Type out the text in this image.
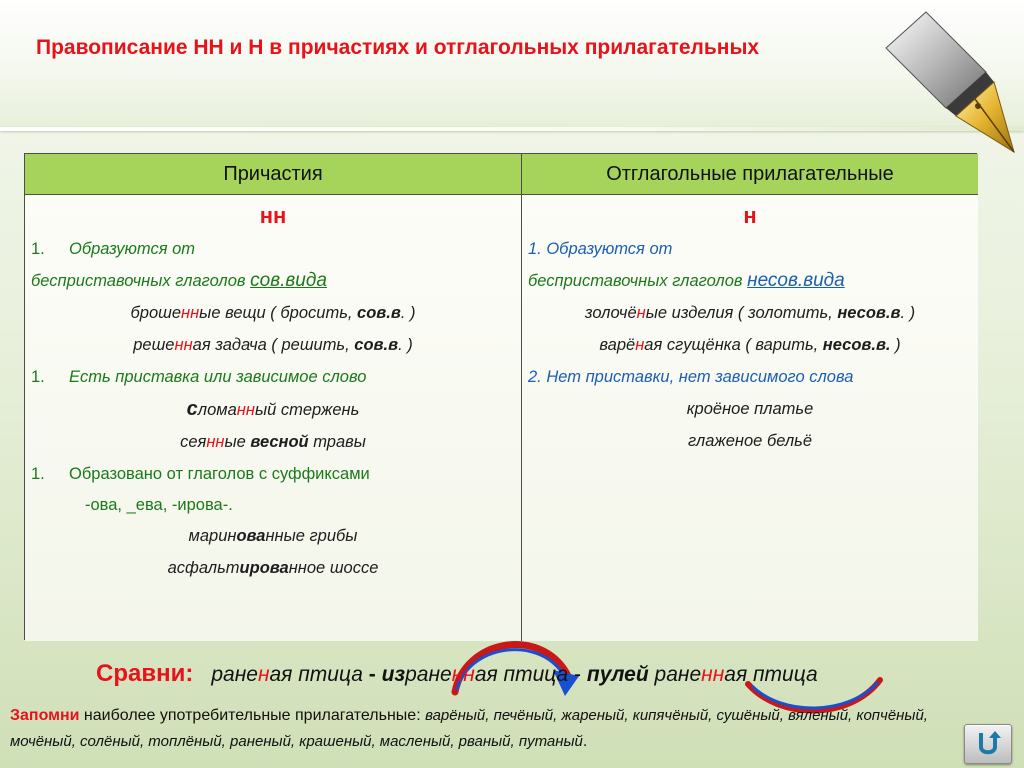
Правописание НН и Н в причастиях и отглагольных прилагательных
Причастия	Отглагольные прилагательные
нн
1. Образуются от
бесприставочных глаголов сов.вида
брошенные вещи ( бросить, сов.в. )
решенная задача ( решить, сов.в. )
1. Есть приставка или зависимое слово
сломaнный стержень
сеянные весной травы
1. Образовано от глаголов с суффиксами
-ова, _ева, -ирова-.
маринованные грибы
асфальтированное шоссе
н
1. Образуются от
бесприставочных глаголов несов.вида
золочёные изделия ( золотить, несов.в. )
варёная сгущёнка ( варить, несов.в. )
2. Нет приставки, нет зависимого слова
кроёное платье
глаженое бельё
Сравни: раненая птица - израненная птица - пулей раненная птица
Запомни наиболее употребительные прилагательные: варёный, печёный, жареный, кипячёный, сушёный, вяленый, копчёный, мочёный, солёный, топлёный, раненый, крашеный, масленый, рваный, путаный.
